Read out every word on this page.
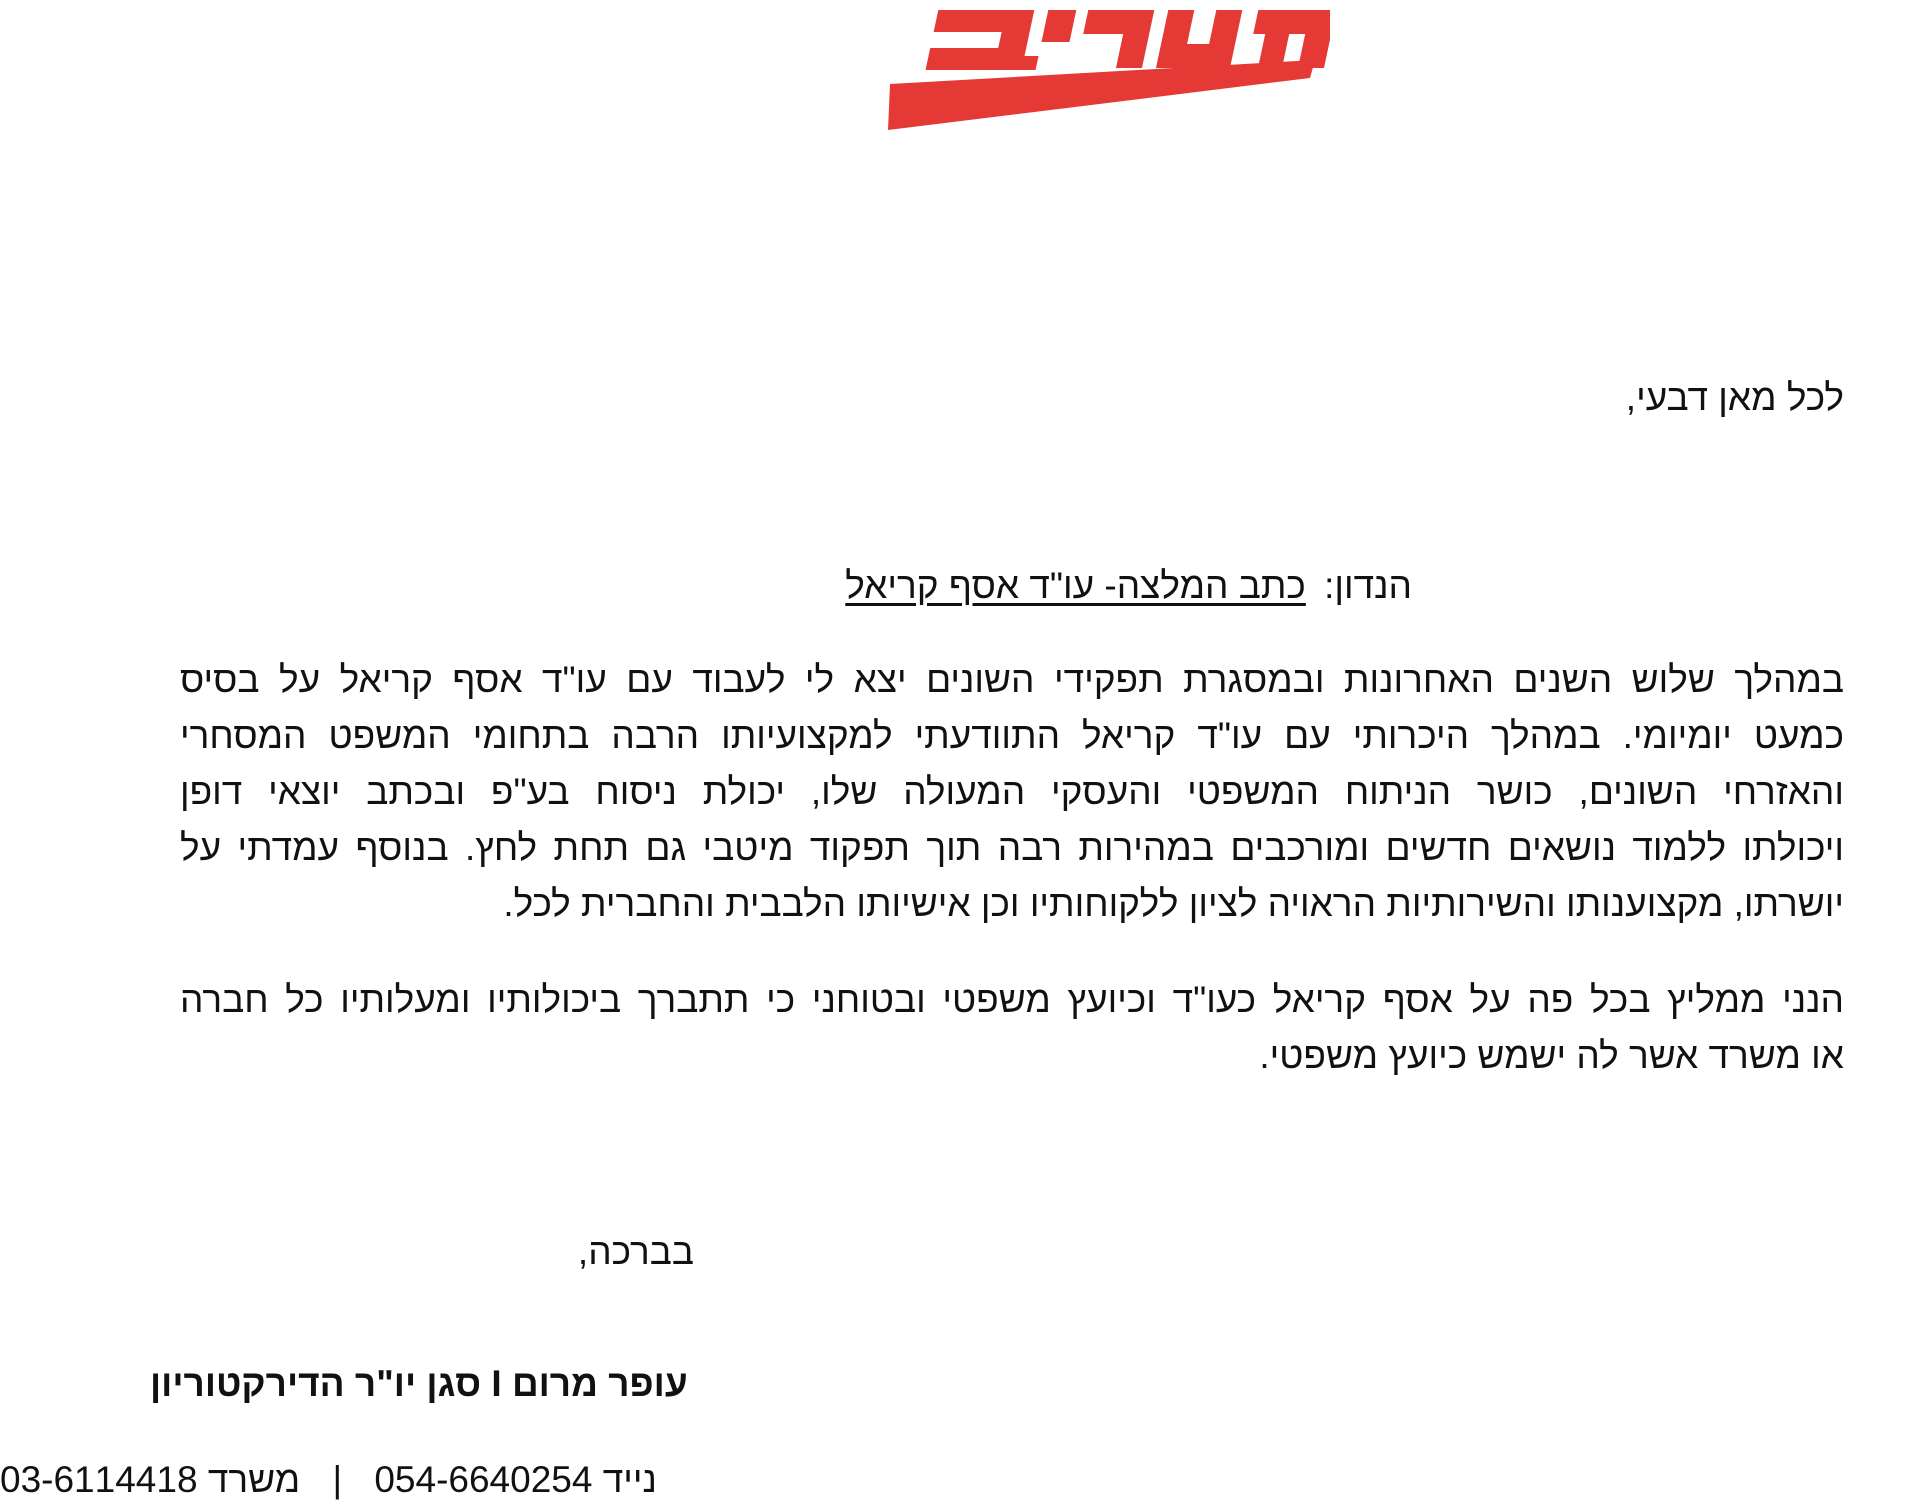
לכל מאן דבעי,
הנדון: כתב המלצה- עו"ד אסף קריאל
במהלך שלוש השנים האחרונות ובמסגרת תפקידי השונים יצא לי לעבוד עם עו"ד אסף קריאל על בסיס
כמעט יומיומי. במהלך היכרותי עם עו"ד קריאל התוודעתי למקצועיותו הרבה בתחומי המשפט המסחרי
והאזרחי השונים, כושר הניתוח המשפטי והעסקי המעולה שלו, יכולת ניסוח בע"פ ובכתב יוצאי דופן
ויכולתו ללמוד נושאים חדשים ומורכבים במהירות רבה תוך תפקוד מיטבי גם תחת לחץ. בנוסף עמדתי על
יושרתו, מקצוענותו והשירותיות הראויה לציון ללקוחותיו וכן אישיותו הלבבית והחברית לכל.
הנני ממליץ בכל פה על אסף קריאל כעו"ד וכיועץ משפטי ובטוחני כי תתברך ביכולותיו ומעלותיו כל חברה
או משרד אשר לה ישמש כיועץ משפטי.
בברכה,
עופר מרום I סגן יו"ר הדירקטוריון
נייד 054-6640254 | משרד 03-6114418
